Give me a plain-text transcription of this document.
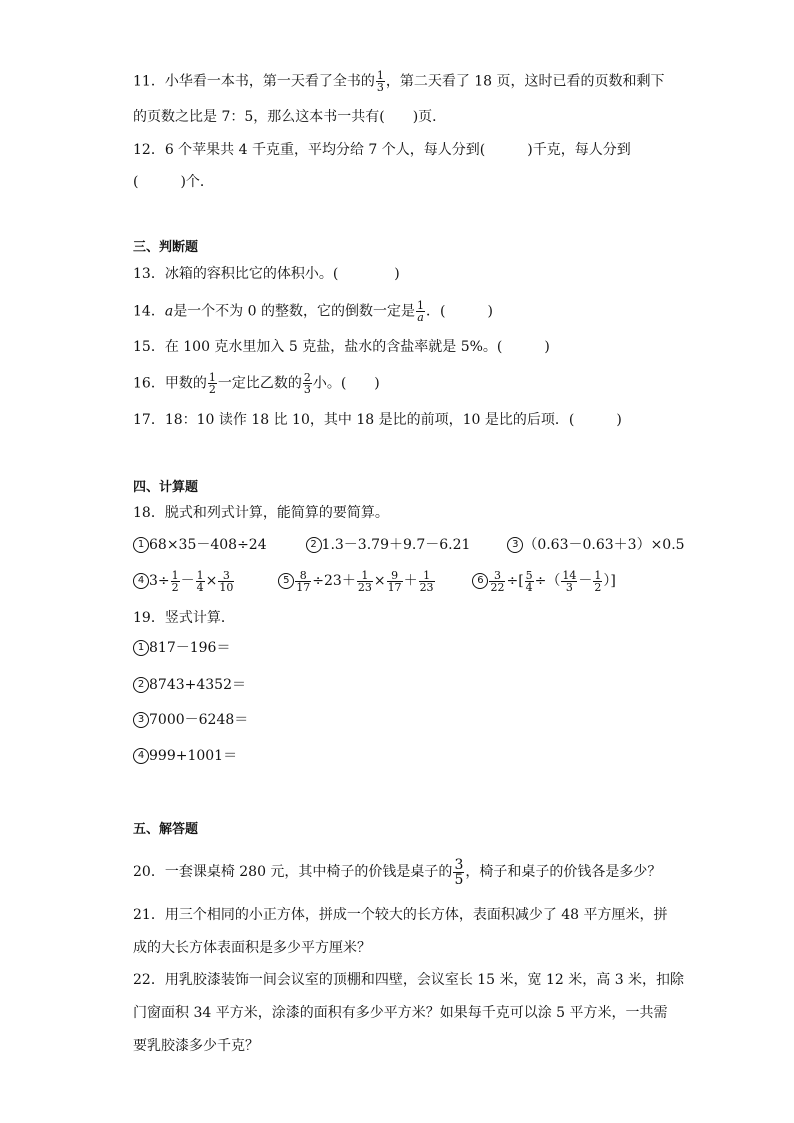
11．小华看一本书，第一天看了全书的 $\frac{1}{3}$ ，第二天看了 18 页，这时已看的页数和剩下
的页数之比是 7：5，那么这本书一共有(　　)页．
12．6 个苹果共 4 千克重，平均分给 7 个人，每人分到(　　　)千克，每人分到
(　　　)个．
三、判断题
13．冰箱的容积比它的体积小。(　　　　)
14．a是一个不为 0 的整数，它的倒数一定是 $\frac{1}{a}$ ．(　　　)
15．在 100 克水里加入 5 克盐，盐水的含盐率就是 5%。(　　　)
16．甲数的 $\frac{1}{2}$ 一定比乙数的 $\frac{2}{3}$ 小。(　　)
17．18：10 读作 18 比 10，其中 18 是比的前项，10 是比的后项．(　　　)
四、计算题
18．脱式和列式计算，能简算的要简算。
1 68×35－408÷24	2 1.3－3.79＋9.7－6.21	3 （0.63－0.63＋3）×0.5
4 $3\div \frac{1}{2} - \frac{1}{4} \times \frac{3}{10}$	$5 \frac{8}{17} \div 23+ \frac{1}{23} \times \frac{9}{17} + \frac{1}{23}$	$6 \frac{3}{22}$ ÷[ $\frac{5}{4}$ ÷（ $\frac{14}{3} - \frac{1}{2}$ ）]
19．竖式计算．
1 817－196＝
2 8743+4352＝
3 7000－6248＝
4 999+1001＝
五、解答题
20．一套课桌椅 280 元，其中椅子的价钱是桌子的 $\frac{3}{5}$ ，椅子和桌子的价钱各是多少？
21．用三个相同的小正方体，拼成一个较大的长方体，表面积减少了 48 平方厘米，拼
成的大长方体表面积是多少平方厘米？
22．用乳胶漆装饰一间会议室的顶棚和四壁，会议室长 15 米，宽 12 米，高 3 米，扣除
门窗面积 34 平方米，涂漆的面积有多少平方米？如果每千克可以涂 5 平方米，一共需
要乳胶漆多少千克？
